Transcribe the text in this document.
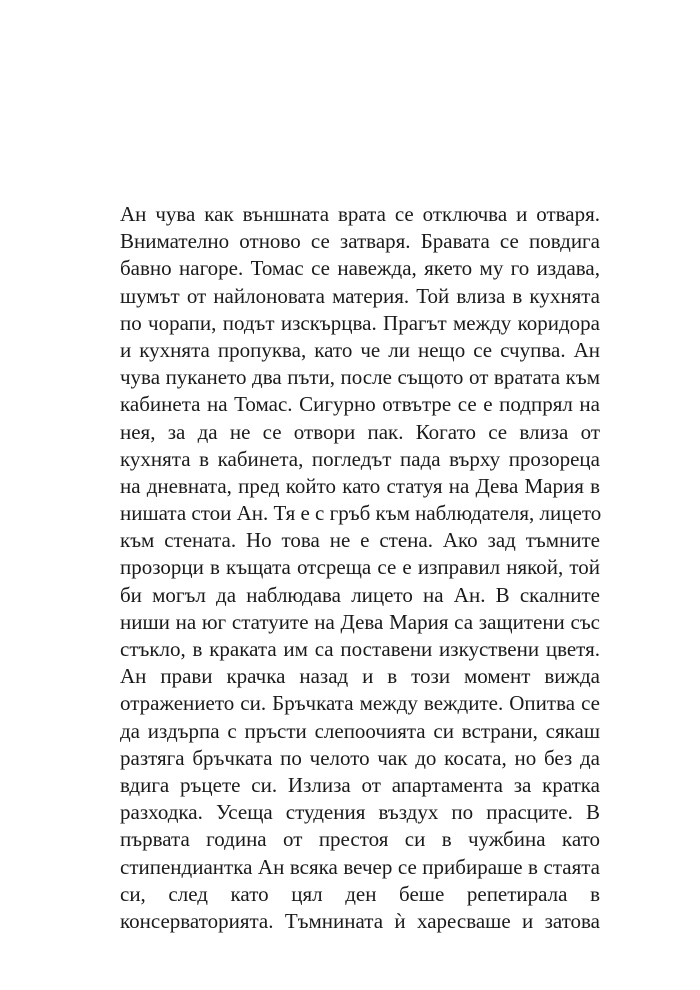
Ан чува как външната врата се отключва и отваря.
Внимателно отново се затваря. Бравата се повдига
бавно нагоре. Томас се навежда, якето му го издава,
шумът от найлоновата материя. Той влиза в кухнята
по чорапи, подът изскърцва. Прагът между коридора
и кухнята пропуква, като че ли нещо се счупва. Ан
чува пукането два пъти, после същото от вратата към
кабинета на Томас. Сигурно отвътре се е подпрял на
нея, за да не се отвори пак. Когато се влиза от
кухнята в кабинета, погледът пада върху прозореца
на дневната, пред който като статуя на Дева Мария в
нишата стои Ан. Тя е с гръб към наблюдателя, лицето
към стената. Но това не е стена. Ако зад тъмните
прозорци в къщата отсреща се е изправил някой, той
би могъл да наблюдава лицето на Ан. В скалните
ниши на юг статуите на Дева Мария са защитени със
стъкло, в краката им са поставени изкуствени цветя.
Ан прави крачка назад и в този момент вижда
отражението си. Бръчката между веждите. Опитва се
да издърпа с пръсти слепоочията си встрани, сякаш
разтяга бръчката по челото чак до косата, но без да
вдига ръцете си. Излиза от апартамента за кратка
разходка. Усеща студения въздух по прасците. В
първата година от престоя си в чужбина като
стипендиантка Ан всяка вечер се прибираше в стаята
си, след като цял ден беше репетирала в
консерваторията. Тъмнината ѝ харесваше и затова
